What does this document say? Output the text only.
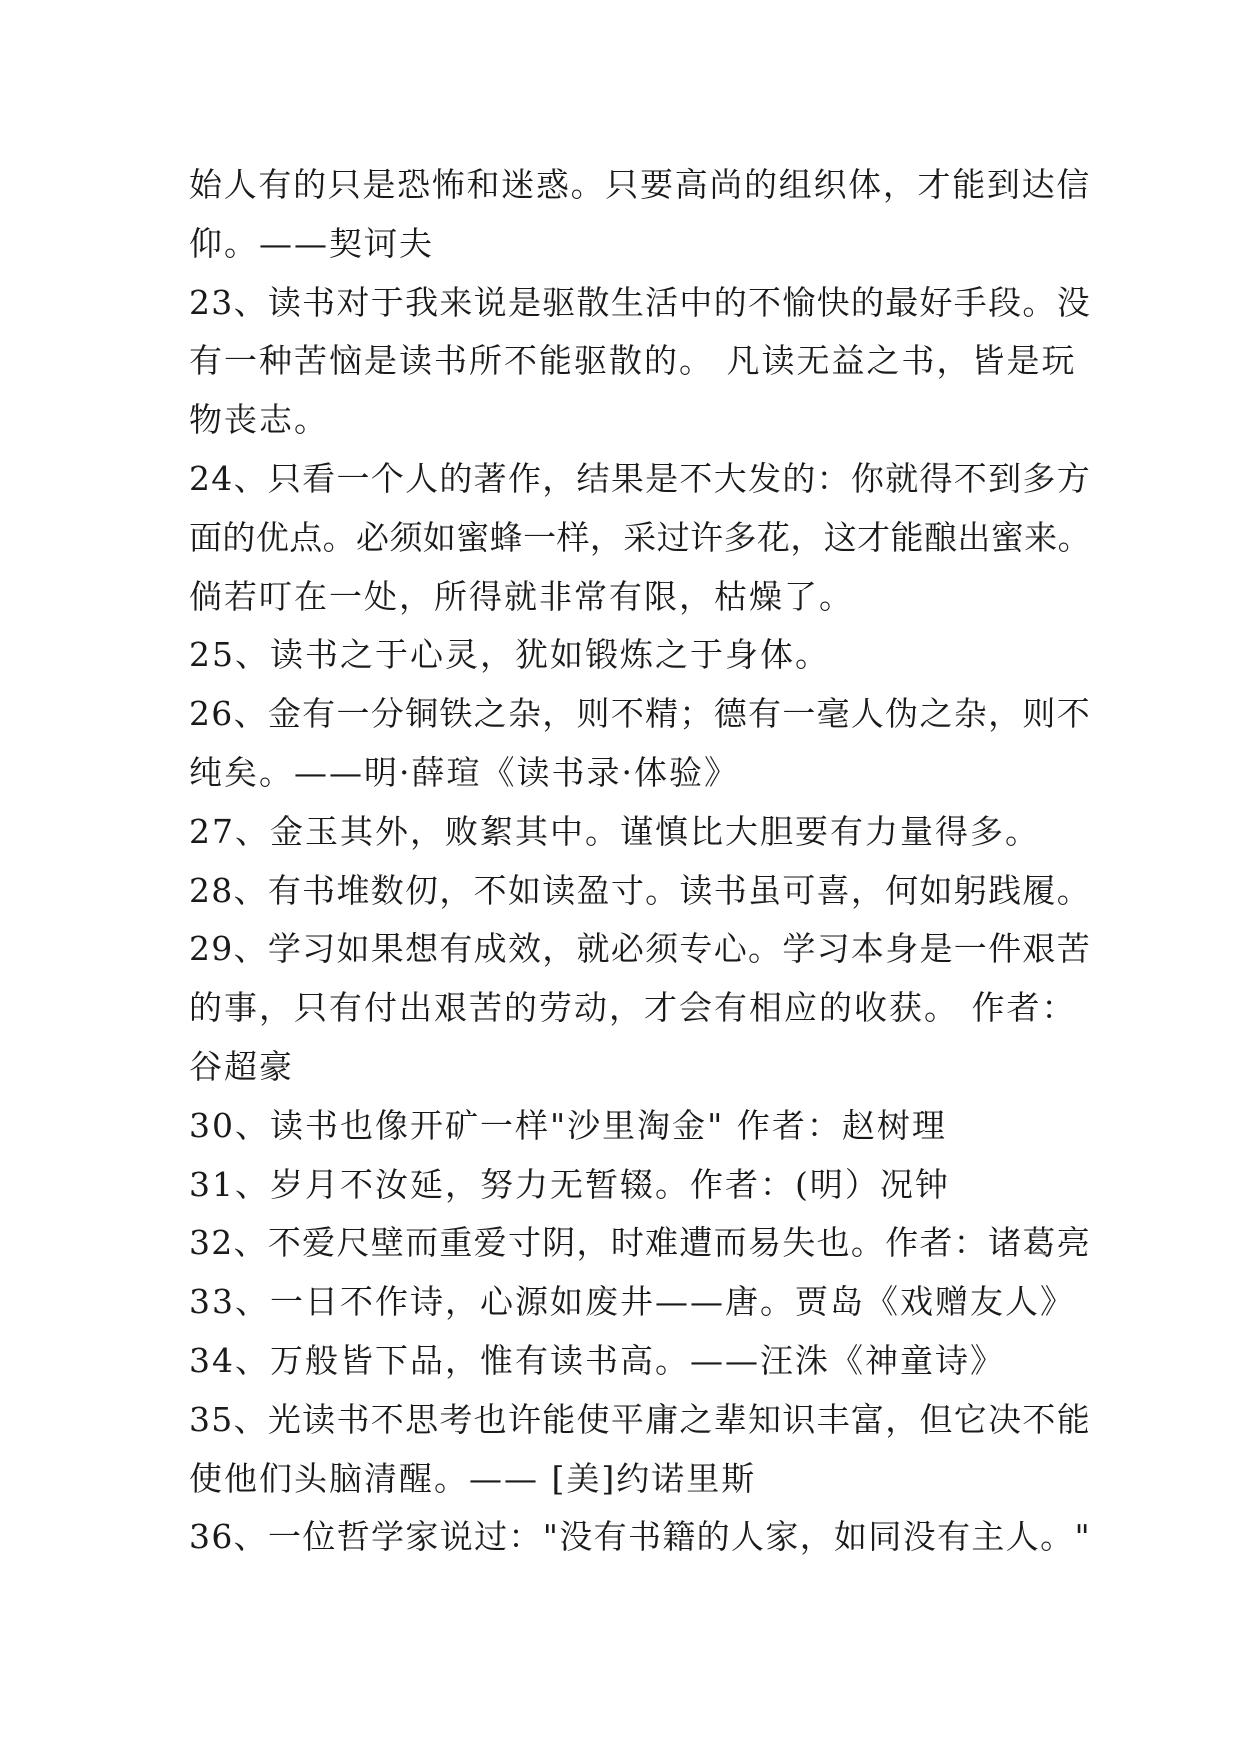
始人有的只是恐怖和迷惑。只要高尚的组织体，才能到达信
仰。——契诃夫
23、读书对于我来说是驱散生活中的不愉快的最好手段。没
有一种苦恼是读书所不能驱散的。 凡读无益之书，皆是玩
物丧志。
24、只看一个人的著作，结果是不大发的：你就得不到多方
面的优点。必须如蜜蜂一样，采过许多花，这才能酿出蜜来。
倘若叮在一处，所得就非常有限，枯燥了。
25、读书之于心灵，犹如锻炼之于身体。
26、金有一分铜铁之杂，则不精；德有一毫人伪之杂，则不
纯矣。——明·薛瑄《读书录·体验》
27、金玉其外，败絮其中。谨慎比大胆要有力量得多。
28、有书堆数仞，不如读盈寸。读书虽可喜，何如躬践履。
29、学习如果想有成效，就必须专心。学习本身是一件艰苦
的事，只有付出艰苦的劳动，才会有相应的收获。 作者：
谷超豪
30、读书也像开矿一样"沙里淘金" 作者：赵树理
31、岁月不汝延，努力无暂辍。作者：(明）况钟
32、不爱尺壁而重爱寸阴，时难遭而易失也。作者：诸葛亮
33、一日不作诗，心源如废井——唐。贾岛《戏赠友人》
34、万般皆下品，惟有读书高。——汪洙《神童诗》
35、光读书不思考也许能使平庸之辈知识丰富，但它决不能
使他们头脑清醒。—— [美]约诺里斯
36、一位哲学家说过："没有书籍的人家，如同没有主人。"
